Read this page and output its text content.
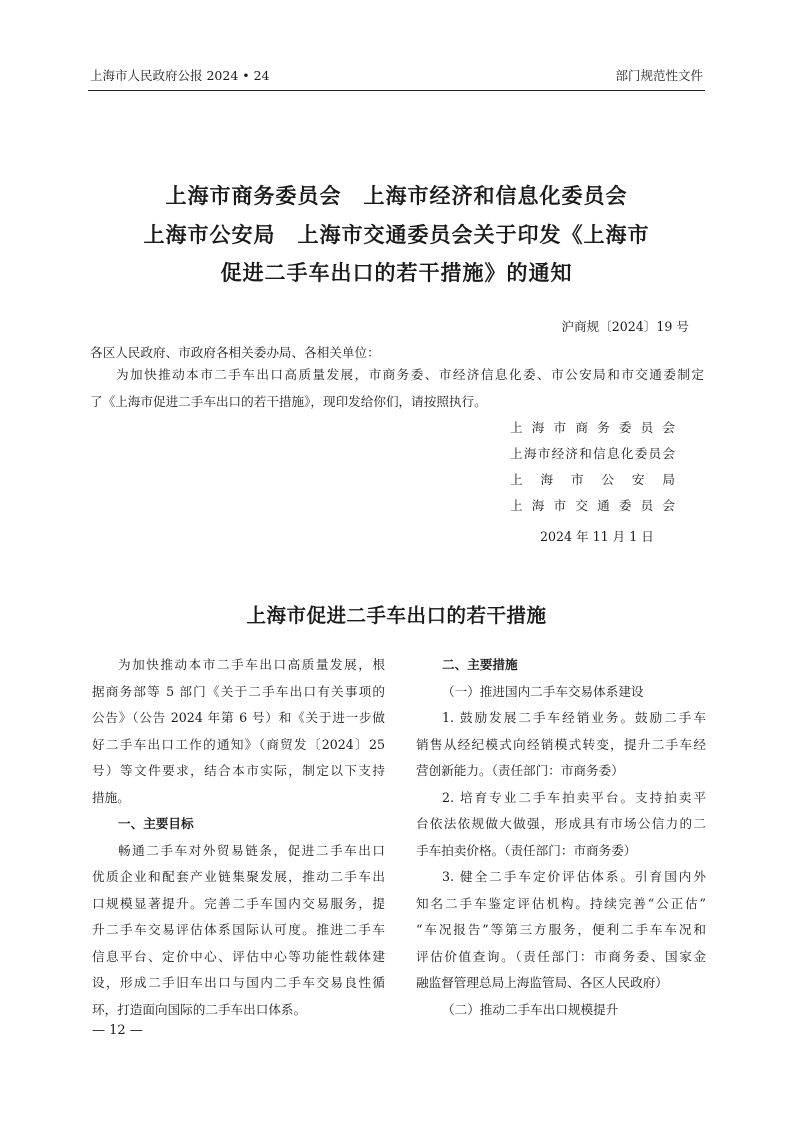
上海市人民政府公报 2024 • 24	部门规范性文件
上海市商务委员会　上海市经济和信息化委员会
上海市公安局　上海市交通委员会关于印发《上海市
促进二手车出口的若干措施》的通知
沪商规〔2024〕19 号
各区人民政府、市政府各相关委办局、各相关单位：
为加快推动本市二手车出口高质量发展，市商务委、市经济信息化委、市公安局和市交通委制定
了《上海市促进二手车出口的若干措施》，现印发给你们，请按照执行。
上海市商务委员会
上海市经济和信息化委员会
上海市公安局
上海市交通委员会
2024 年 11 月 1 日
上海市促进二手车出口的若干措施
为加快推动本市二手车出口高质量发展，根
据商务部等 5 部门《关于二手车出口有关事项的
公告》（公告 2024 年第 6 号）和《关于进一步做
好二手车出口工作的通知》（商贸发〔2024〕25
号）等文件要求，结合本市实际，制定以下支持
措施。
一、主要目标
畅通二手车对外贸易链条，促进二手车出口
优质企业和配套产业链集聚发展，推动二手车出
口规模显著提升。完善二手车国内交易服务，提
升二手车交易评估体系国际认可度。推进二手车
信息平台、定价中心、评估中心等功能性载体建
设，形成二手旧车出口与国内二手车交易良性循
环，打造面向国际的二手车出口体系。
二、主要措施
（一）推进国内二手车交易体系建设
1. 鼓励发展二手车经销业务。鼓励二手车
销售从经纪模式向经销模式转变，提升二手车经
营创新能力。（责任部门：市商务委）
2. 培育专业二手车拍卖平台。支持拍卖平
台依法依规做大做强，形成具有市场公信力的二
手车拍卖价格。（责任部门：市商务委）
3. 健全二手车定价评估体系。引育国内外
知名二手车鉴定评估机构。持续完善“公正估”
“车况报告”等第三方服务，便利二手车车况和
评估价值查询。（责任部门：市商务委、国家金
融监督管理总局上海监管局、各区人民政府）
（二）推动二手车出口规模提升
— 12 —
